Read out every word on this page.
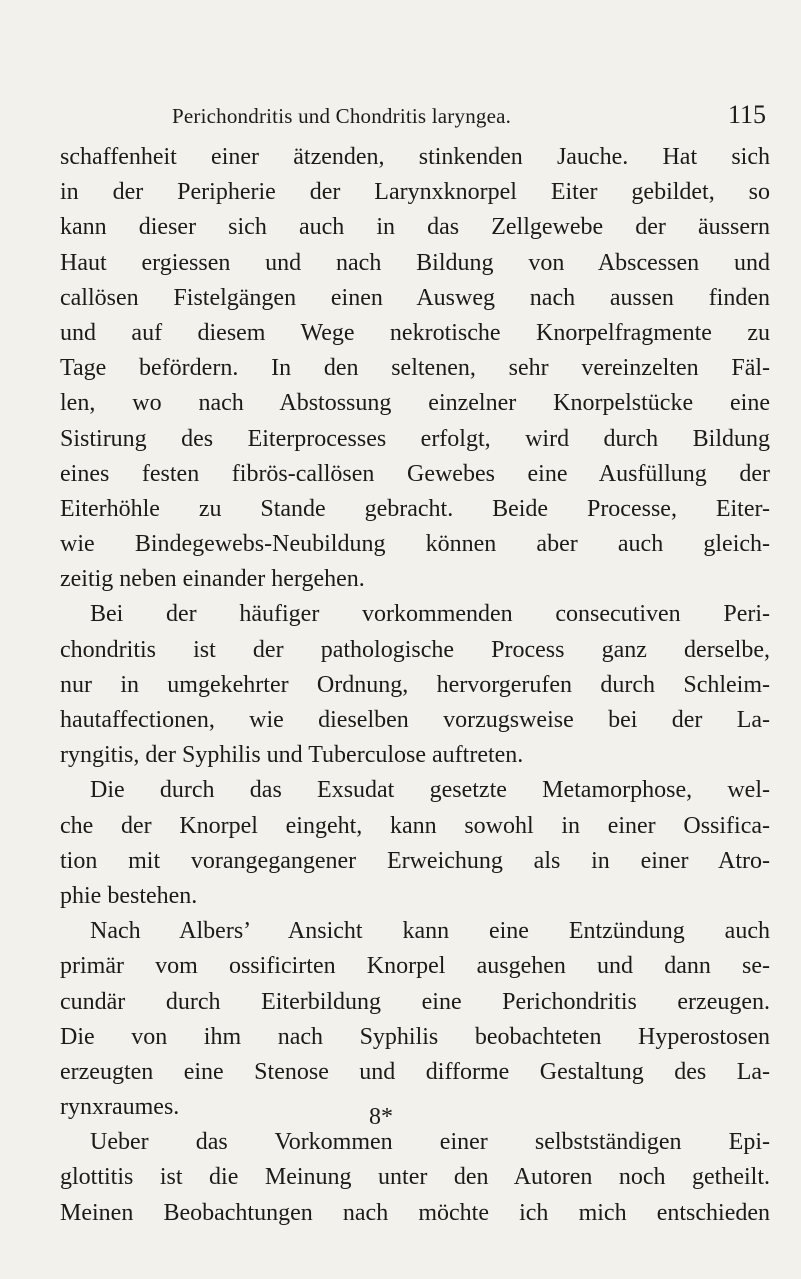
Perichondritis und Chondritis laryngea.	115
schaffenheit einer ätzenden, stinkenden Jauche. Hat sich
in der Peripherie der Larynxknorpel Eiter gebildet, so
kann dieser sich auch in das Zellgewebe der äussern
Haut ergiessen und nach Bildung von Abscessen und
callösen Fistelgängen einen Ausweg nach aussen finden
und auf diesem Wege nekrotische Knorpelfragmente zu
Tage befördern. In den seltenen, sehr vereinzelten Fäl-
len, wo nach Abstossung einzelner Knorpelstücke eine
Sistirung des Eiterprocesses erfolgt, wird durch Bildung
eines festen fibrös-callösen Gewebes eine Ausfüllung der
Eiterhöhle zu Stande gebracht. Beide Processe, Eiter-
wie Bindegewebs-Neubildung können aber auch gleich-
zeitig neben einander hergehen.
Bei der häufiger vorkommenden consecutiven Peri-
chondritis ist der pathologische Process ganz derselbe,
nur in umgekehrter Ordnung, hervorgerufen durch Schleim-
hautaffectionen, wie dieselben vorzugsweise bei der La-
ryngitis, der Syphilis und Tuberculose auftreten.
Die durch das Exsudat gesetzte Metamorphose, wel-
che der Knorpel eingeht, kann sowohl in einer Ossifica-
tion mit vorangegangener Erweichung als in einer Atro-
phie bestehen.
Nach Albers’ Ansicht kann eine Entzündung auch
primär vom ossificirten Knorpel ausgehen und dann se-
cundär durch Eiterbildung eine Perichondritis erzeugen.
Die von ihm nach Syphilis beobachteten Hyperostosen
erzeugten eine Stenose und difforme Gestaltung des La-
rynxraumes.
Ueber das Vorkommen einer selbstständigen Epi-
glottitis ist die Meinung unter den Autoren noch getheilt.
Meinen Beobachtungen nach möchte ich mich entschieden
8*
